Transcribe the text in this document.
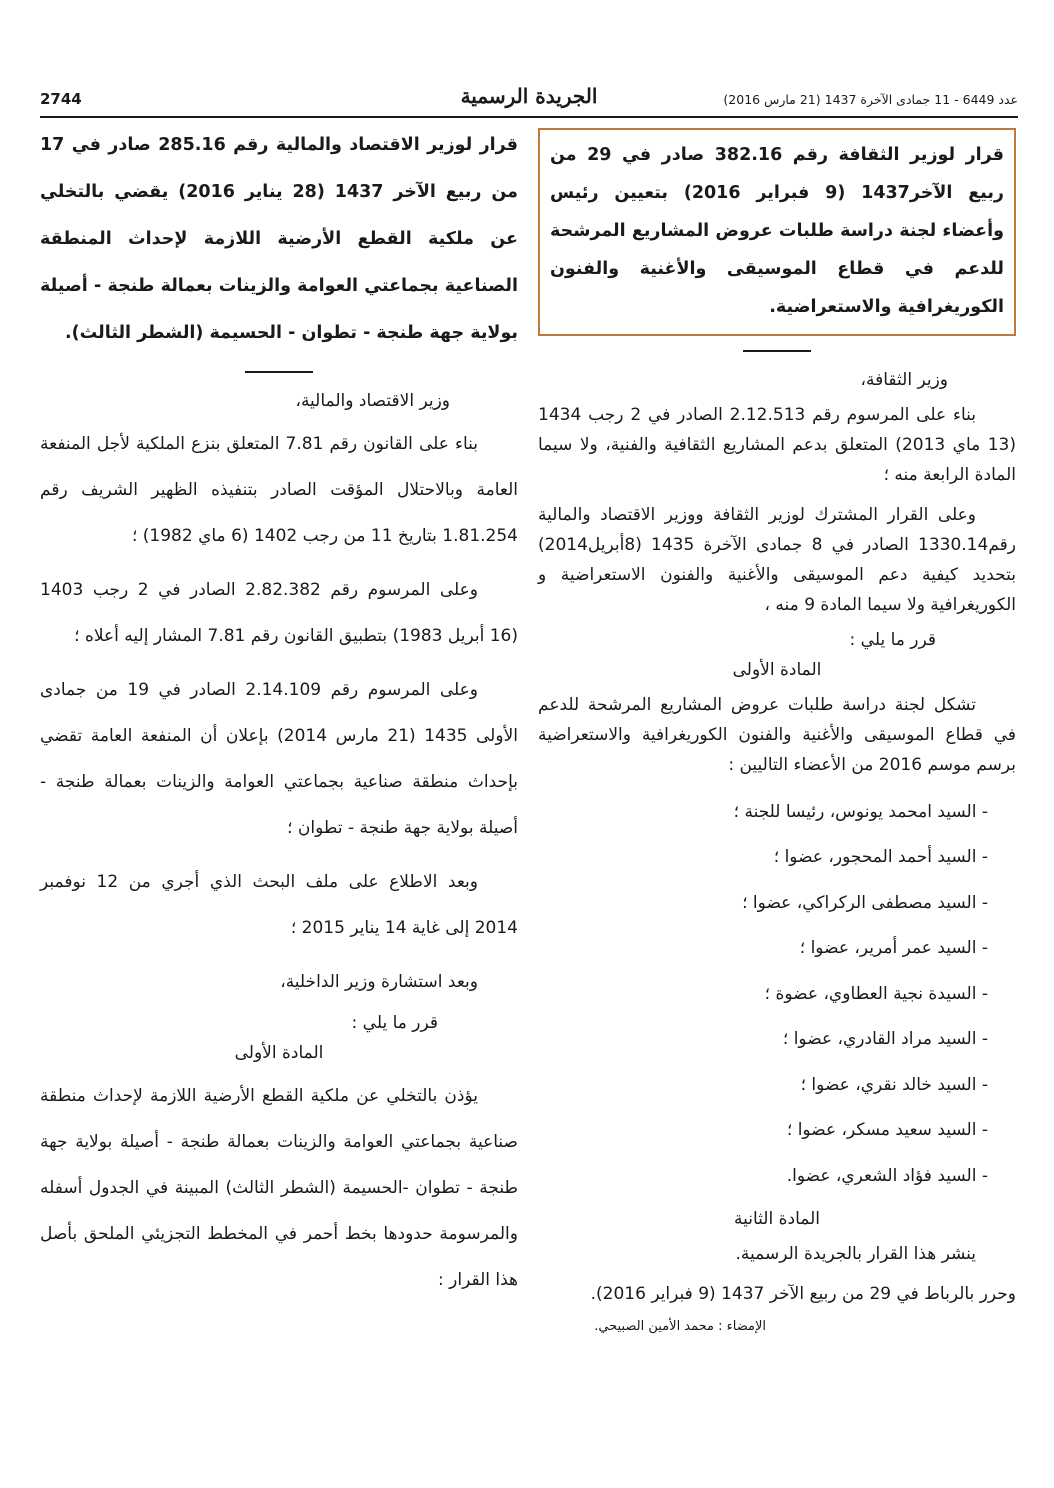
2744	الجريدة الرسمية	عدد 6449 - 11 جمادى الآخرة 1437 (21 مارس 2016)
قرار لوزير الثقافة رقم 382.16 صادر في 29 من ربيع الآخر1437 (9 فبراير 2016) بتعيين رئيس وأعضاء لجنة دراسة طلبات عروض المشاريع المرشحة للدعم في قطاع الموسيقى والأغنية والفنون الكوريغرافية والاستعراضية.
وزير الثقافة،

بناء على المرسوم رقم 2.12.513 الصادر في 2 رجب 1434 (13 ماي 2013) المتعلق بدعم المشاريع الثقافية والفنية، ولا سيما المادة الرابعة منه ؛

وعلى القرار المشترك لوزير الثقافة ووزير الاقتصاد والمالية رقم1330.14 الصادر في 8 جمادى الآخرة 1435 (8أبريل2014) بتحديد كيفية دعم الموسيقى والأغنية والفنون الاستعراضية و الكوريغرافية ولا سيما المادة 9 منه ،

قرر ما يلي :
المادة الأولى

تشكل لجنة دراسة طلبات عروض المشاريع المرشحة للدعم في قطاع الموسيقى والأغنية والفنون الكوريغرافية والاستعراضية برسم موسم 2016 من الأعضاء التاليين :

- السيد امحمد يونوس، رئيسا للجنة ؛
- السيد أحمد المحجور، عضوا ؛
- السيد مصطفى الركراكي، عضوا ؛
- السيد عمر أمرير، عضوا ؛
- السيدة نجية العطاوي، عضوة ؛
- السيد مراد القادري، عضوا ؛
- السيد خالد نقري، عضوا ؛
- السيد سعيد مسكر، عضوا ؛
- السيد فؤاد الشعري، عضوا.
المادة الثانية

ينشر هذا القرار بالجريدة الرسمية.

وحرر بالرباط في 29 من ربيع الآخر 1437 (9 فبراير 2016).

الإمضاء : محمد الأمين الصبيحي.
قرار لوزير الاقتصاد والمالية رقم 285.16 صادر في 17 من ربيع الآخر 1437 (28 يناير 2016) يقضي بالتخلي عن ملكية القطع الأرضية اللازمة لإحداث المنطقة الصناعية بجماعتي العوامة والزينات بعمالة طنجة - أصيلة بولاية جهة طنجة - تطوان - الحسيمة (الشطر الثالث).
وزير الاقتصاد والمالية،

بناء على القانون رقم 7.81 المتعلق بنزع الملكية لأجل المنفعة العامة وبالاحتلال المؤقت الصادر بتنفيذه الظهير الشريف رقم 1.81.254 بتاريخ 11 من رجب 1402 (6 ماي 1982) ؛

وعلى المرسوم رقم 2.82.382 الصادر في 2 رجب 1403 (16 أبريل 1983) بتطبيق القانون رقم 7.81 المشار إليه أعلاه ؛

وعلى المرسوم رقم 2.14.109 الصادر في 19 من جمادى الأولى 1435 (21 مارس 2014) بإعلان أن المنفعة العامة تقضي بإحداث منطقة صناعية بجماعتي العوامة والزينات بعمالة طنجة - أصيلة بولاية جهة طنجة - تطوان ؛

وبعد الاطلاع على ملف البحث الذي أجري من 12 نوفمبر 2014 إلى غاية 14 يناير 2015 ؛

وبعد استشارة وزير الداخلية،

قرر ما يلي :
المادة الأولى

يؤذن بالتخلي عن ملكية القطع الأرضية اللازمة لإحداث منطقة صناعية بجماعتي العوامة والزينات بعمالة طنجة - أصيلة بولاية جهة طنجة - تطوان -الحسيمة (الشطر الثالث) المبينة في الجدول أسفله والمرسومة حدودها بخط أحمر في المخطط التجزيئي الملحق بأصل هذا القرار :
